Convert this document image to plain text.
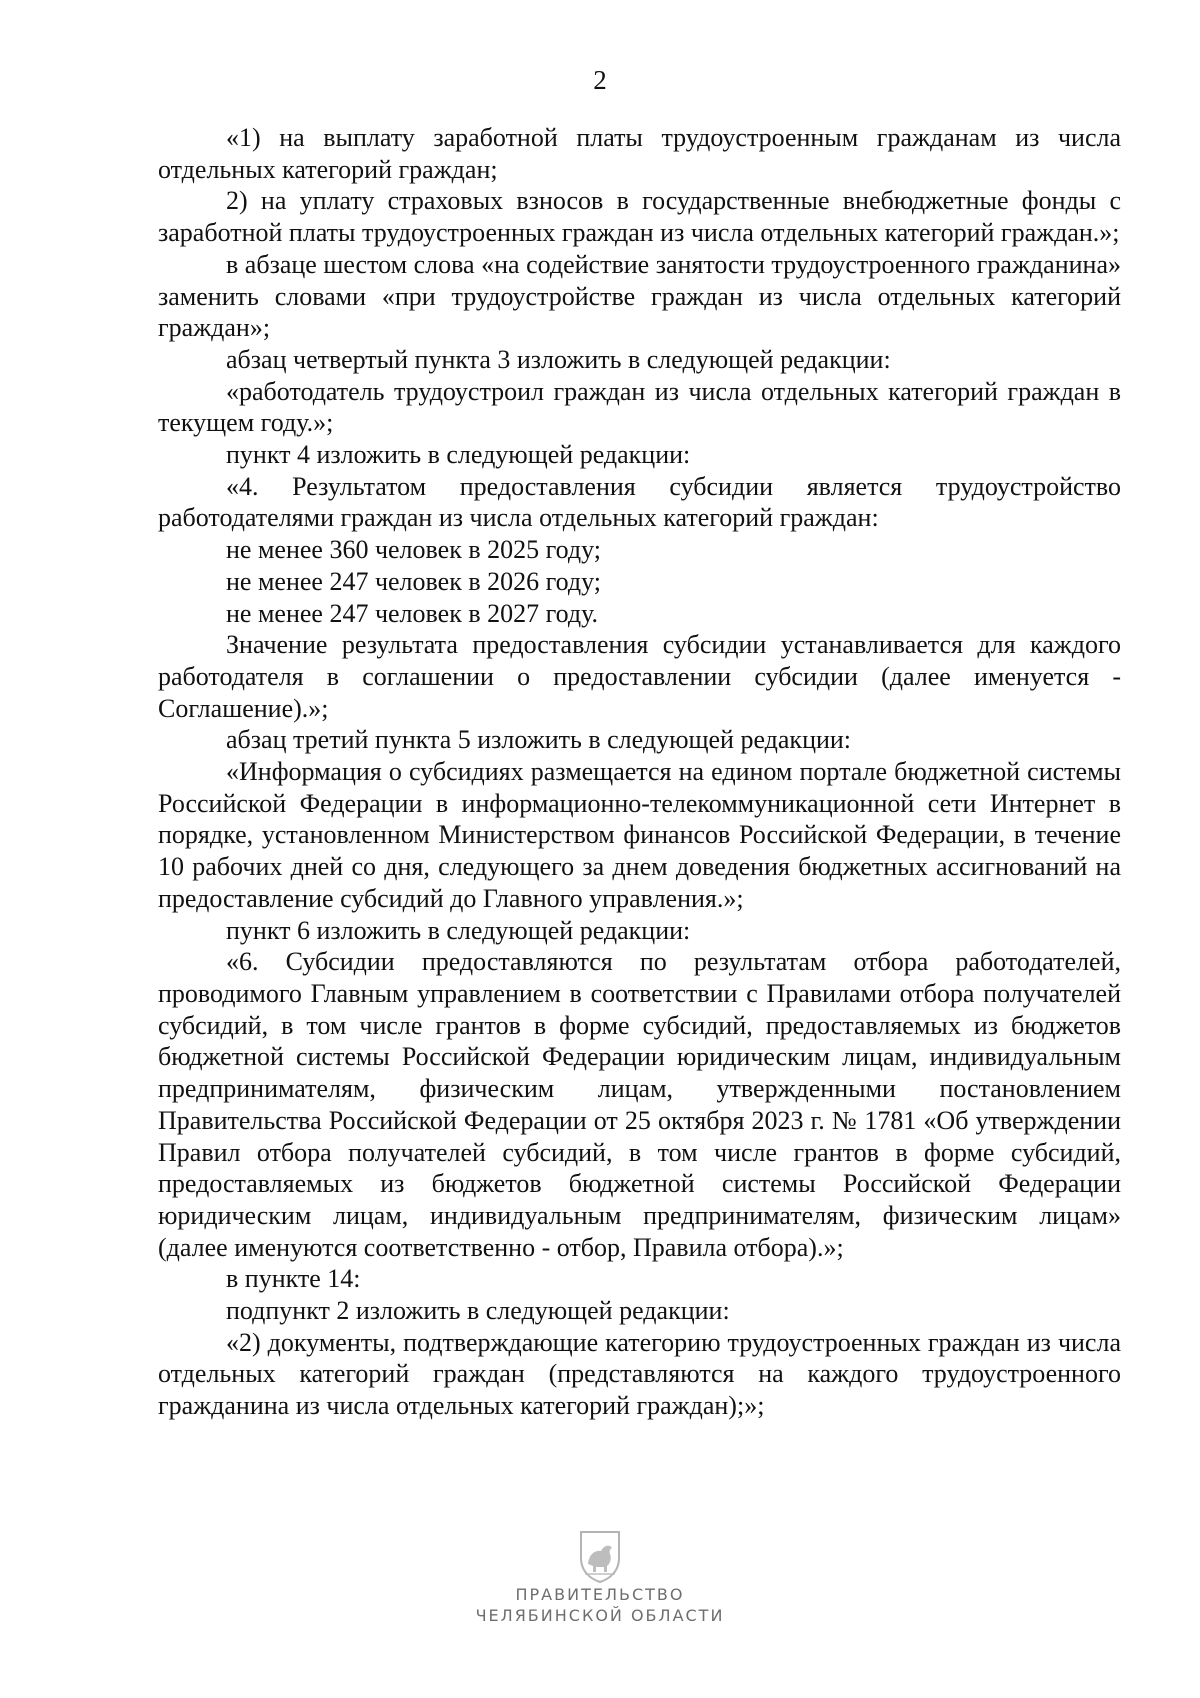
2

«1) на выплату заработной платы трудоустроенным гражданам из числа отдельных категорий граждан;

2) на уплату страховых взносов в государственные внебюджетные фонды с заработной платы трудоустроенных граждан из числа отдельных категорий граждан.»;

в абзаце шестом слова «на содействие занятости трудоустроенного гражданина» заменить словами «при трудоустройстве граждан из числа отдельных категорий граждан»;

абзац четвертый пункта 3 изложить в следующей редакции:

«работодатель трудоустроил граждан из числа отдельных категорий граждан в текущем году.»;

пункт 4 изложить в следующей редакции:

«4. Результатом предоставления субсидии является трудоустройство работодателями граждан из числа отдельных категорий граждан:

не менее 360 человек в 2025 году;

не менее 247 человек в 2026 году;

не менее 247 человек в 2027 году.

Значение результата предоставления субсидии устанавливается для каждого работодателя в соглашении о предоставлении субсидии (далее именуется - Соглашение).»;

абзац третий пункта 5 изложить в следующей редакции:

«Информация о субсидиях размещается на едином портале бюджетной системы Российской Федерации в информационно-телекоммуникационной сети Интернет в порядке, установленном Министерством финансов Российской Федерации, в течение 10 рабочих дней со дня, следующего за днем доведения бюджетных ассигнований на предоставление субсидий до Главного управления.»;

пункт 6 изложить в следующей редакции:

«6. Субсидии предоставляются по результатам отбора работодателей, проводимого Главным управлением в соответствии с Правилами отбора получателей субсидий, в том числе грантов в форме субсидий, предоставляемых из бюджетов бюджетной системы Российской Федерации юридическим лицам, индивидуальным предпринимателям, физическим лицам, утвержденными постановлением Правительства Российской Федерации от 25 октября 2023 г. № 1781 «Об утверждении Правил отбора получателей субсидий, в том числе грантов в форме субсидий, предоставляемых из бюджетов бюджетной системы Российской Федерации юридическим лицам, индивидуальным предпринимателям, физическим лицам» (далее именуются соответственно - отбор, Правила отбора).»;

в пункте 14:

подпункт 2 изложить в следующей редакции:

«2) документы, подтверждающие категорию трудоустроенных граждан из числа отдельных категорий граждан (представляются на каждого трудоустроенного гражданина из числа отдельных категорий граждан);»;

ПРАВИТЕЛЬСТВО
ЧЕЛЯБИНСКОЙ ОБЛАСТИ
